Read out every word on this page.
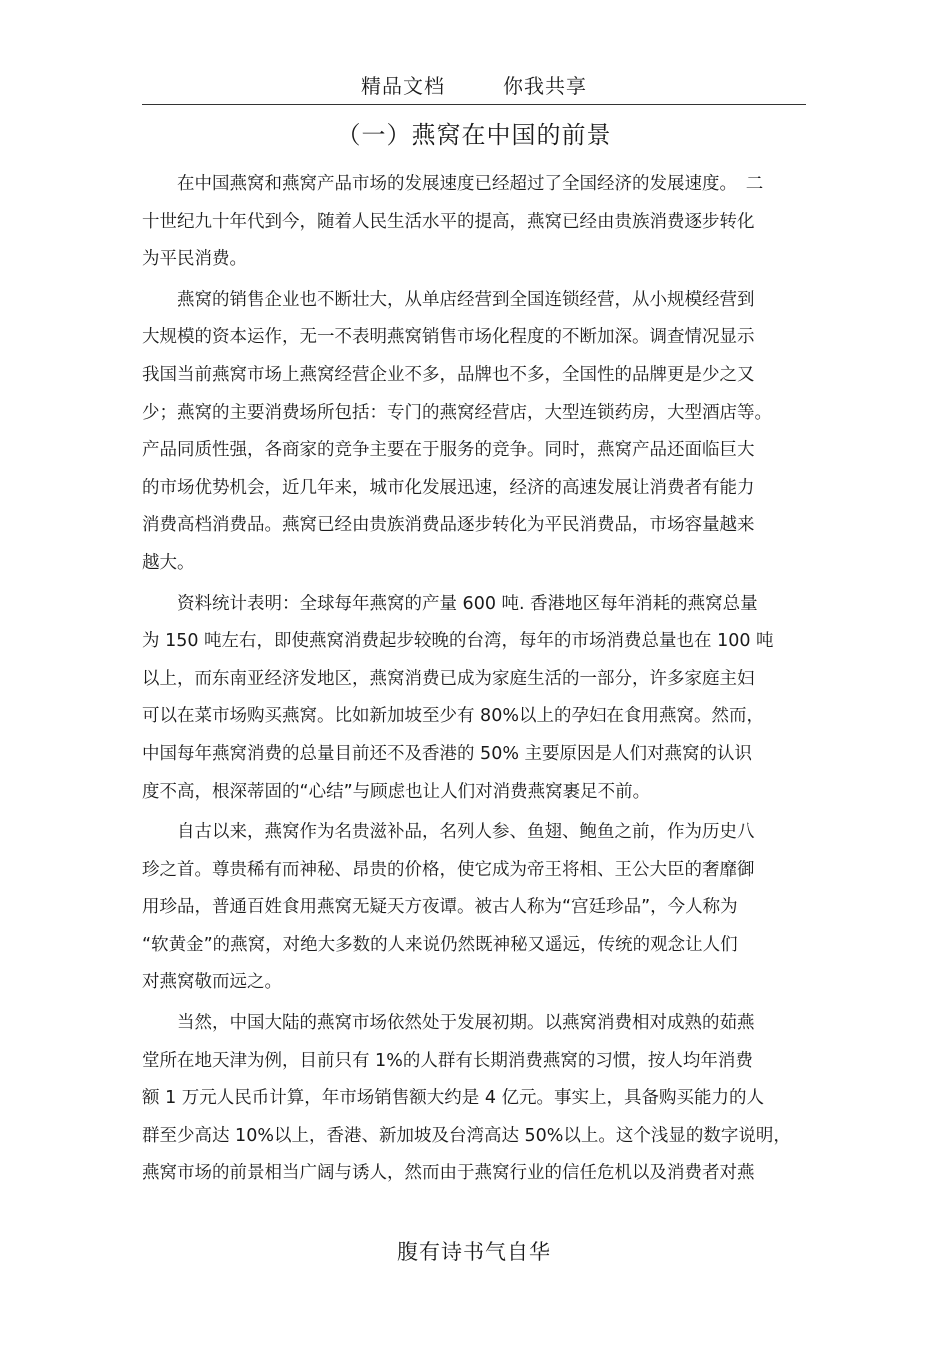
精品文档	你我共享
（一）燕窝在中国的前景
　　在中国燕窝和燕窝产品市场的发展速度已经超过了全国经济的发展速度。　二
十世纪九十年代到今，随着人民生活水平的提高，燕窝已经由贵族消费逐步转化
为平民消费。
　　燕窝的销售企业也不断壮大，从单店经营到全国连锁经营，从小规模经营到
大规模的资本运作，无一不表明燕窝销售市场化程度的不断加深。调查情况显示
我国当前燕窝市场上燕窝经营企业不多，品牌也不多，全国性的品牌更是少之又
少；燕窝的主要消费场所包括：专门的燕窝经营店，大型连锁药房，大型酒店等。
产品同质性强，各商家的竞争主要在于服务的竞争。同时，燕窝产品还面临巨大
的市场优势机会，近几年来，城市化发展迅速，经济的高速发展让消费者有能力
消费高档消费品。燕窝已经由贵族消费品逐步转化为平民消费品，市场容量越来
越大。
　　资料统计表明：全球每年燕窝的产量 600 吨. 香港地区每年消耗的燕窝总量
为 150 吨左右，即使燕窝消费起步较晚的台湾，每年的市场消费总量也在 100 吨
以上，而东南亚经济发地区，燕窝消费已成为家庭生活的一部分，许多家庭主妇
可以在菜市场购买燕窝。比如新加坡至少有 80%以上的孕妇在食用燕窝。然而，
中国每年燕窝消费的总量目前还不及香港的 50% 主要原因是人们对燕窝的认识
度不高，根深蒂固的“心结”与顾虑也让人们对消费燕窝裹足不前。
　　自古以来，燕窝作为名贵滋补品，名列人参、鱼翅、鲍鱼之前，作为历史八
珍之首。尊贵稀有而神秘、昂贵的价格，使它成为帝王将相、王公大臣的奢靡御
用珍品，普通百姓食用燕窝无疑天方夜谭。被古人称为“宫廷珍品”，今人称为
“软黄金”的燕窝，对绝大多数的人来说仍然既神秘又遥远，传统的观念让人们
对燕窝敬而远之。
　　当然，中国大陆的燕窝市场依然处于发展初期。以燕窝消费相对成熟的茹燕
堂所在地天津为例，目前只有 1%的人群有长期消费燕窝的习惯，按人均年消费
额 1 万元人民币计算，年市场销售额大约是 4 亿元。事实上，具备购买能力的人
群至少高达 10%以上，香港、新加坡及台湾高达 50%以上。这个浅显的数字说明，
燕窝市场的前景相当广阔与诱人，然而由于燕窝行业的信任危机以及消费者对燕
腹有诗书气自华
